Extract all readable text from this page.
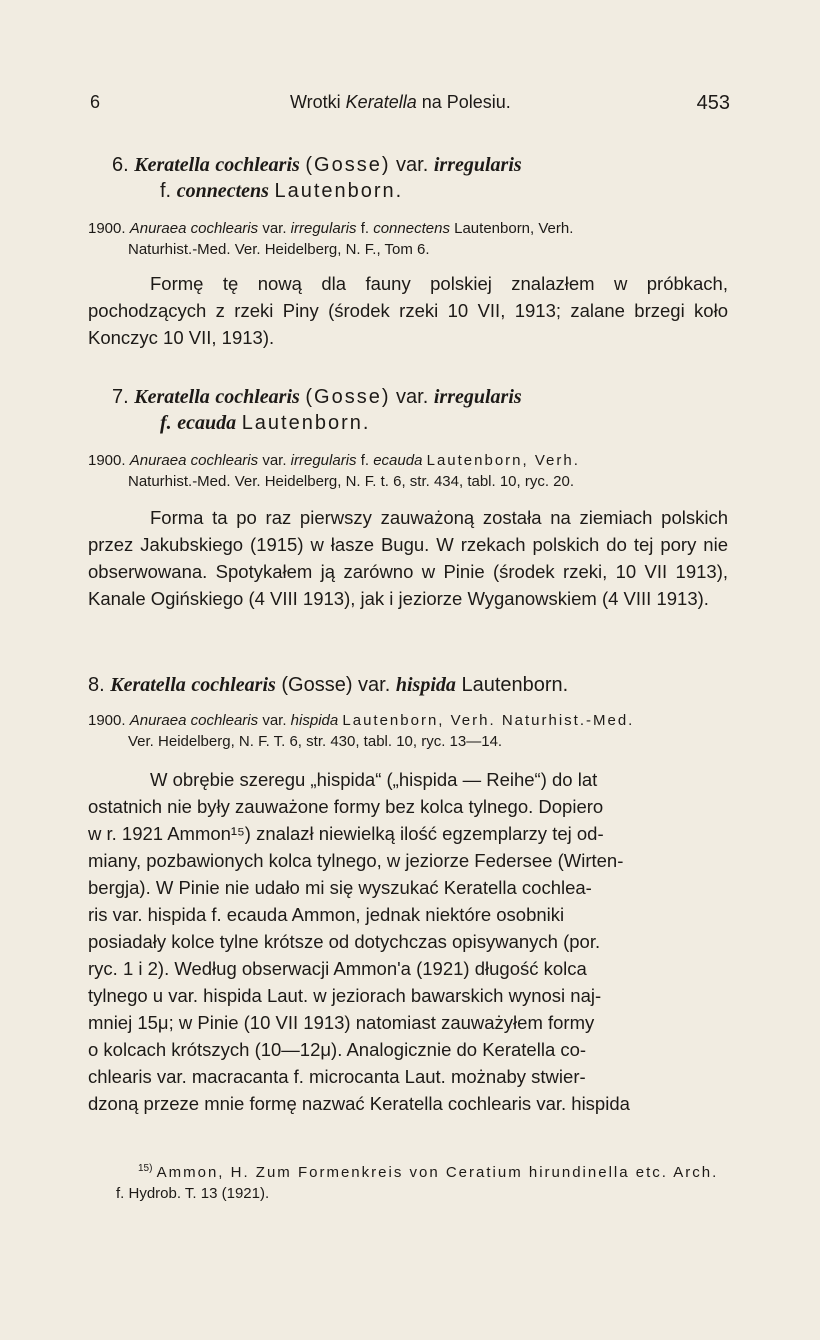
6	Wrotki Keratella na Polesiu.	453
6. Keratella cochlearis (Gosse) var. irregularis
f. connectens Lautenborn.
1900. Anuraea cochlearis var. irregularis f. connectens Lautenborn, Verh.
Naturhist.-Med. Ver. Heidelberg, N. F., Tom 6.
Formę tę nową dla fauny polskiej znalazłem w próbkach, pochodzących z rzeki Piny (środek rzeki 10 VII, 1913; zalane brzegi koło Konczyc 10 VII, 1913).
7. Keratella cochlearis (Gosse) var. irregularis
f. ecauda Lautenborn.
1900. Anuraea cochlearis var. irregularis f. ecauda Lautenborn, Verh.
Naturhist.-Med. Ver. Heidelberg, N. F. t. 6, str. 434, tabl. 10, ryc. 20.
Forma ta po raz pierwszy zauważoną została na ziemiach polskich przez Jakubskiego (1915) w łasze Bugu. W rzekach polskich do tej pory nie obserwowana. Spotykałem ją zarówno w Pinie (środek rzeki, 10 VII 1913), Kanale Ogińskiego (4 VIII 1913), jak i jeziorze Wyganowskiem (4 VIII 1913).
8. Keratella cochlearis (Gosse) var. hispida Lautenborn.
1900. Anuraea cochlearis var. hispida Lautenborn, Verh. Naturhist.-Med.
Ver. Heidelberg, N. F. T. 6, str. 430, tabl. 10, ryc. 13—14.
W obrębie szeregu „hispida“ („hispida — Reihe“) do lat
ostatnich nie były zauważone formy bez kolca tylnego. Dopiero
w r. 1921 Ammon¹⁵) znalazł niewielką ilość egzemplarzy tej od-
miany, pozbawionych kolca tylnego, w jeziorze Federsee (Wirten-
bergja). W Pinie nie udało mi się wyszukać Keratella cochlea-
ris var. hispida f. ecauda Ammon, jednak niektóre osobniki
posiadały kolce tylne krótsze od dotychczas opisywanych (por.
ryc. 1 i 2). Według obserwacji Ammon'a (1921) długość kolca
tylnego u var. hispida Laut. w jeziorach bawarskich wynosi naj-
mniej 15μ; w Pinie (10 VII 1913) natomiast zauważyłem formy
o kolcach krótszych (10—12μ). Analogicznie do Keratella co-
chlearis var. macracanta f. microcanta Laut. możnaby stwier-
dzoną przeze mnie formę nazwać Keratella cochlearis var. hispida
$^{15)}$ Ammon, H. Zum Formenkreis von Ceratium hirundinella etc. Arch.
f. Hydrob. T. 13 (1921).
